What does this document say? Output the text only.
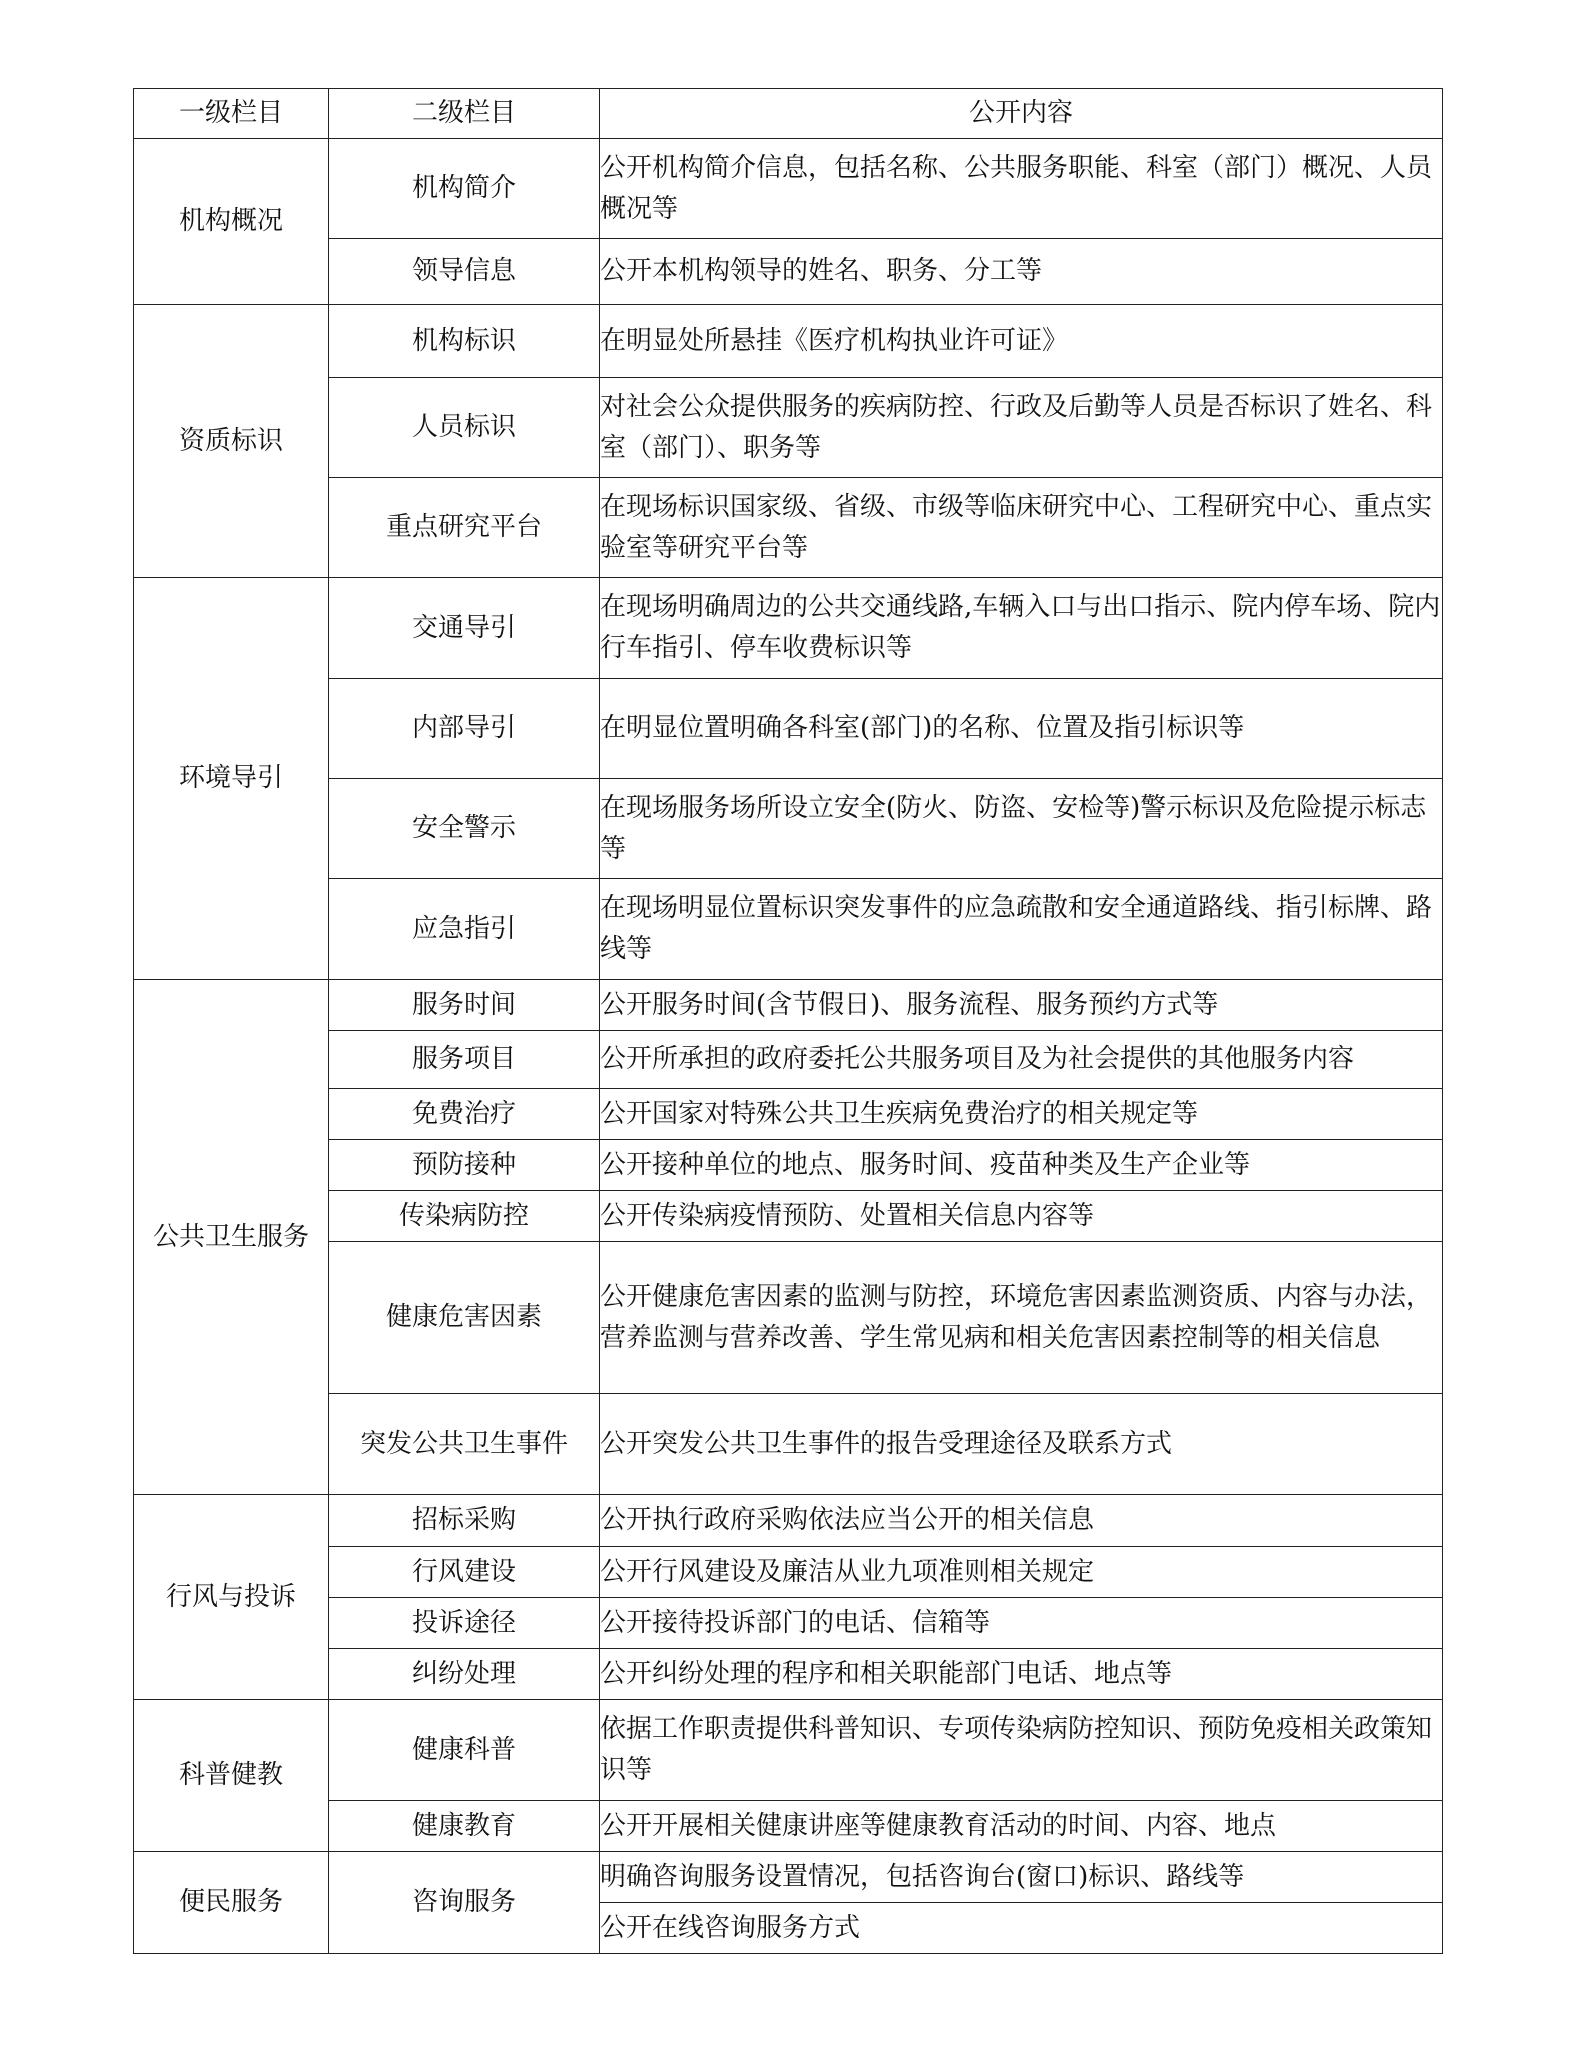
一级栏目	二级栏目	公开内容
机构概况	机构简介	公开机构简介信息，包括名称、公共服务职能、科室（部门）概况、人员概况等
	领导信息	公开本机构领导的姓名、职务、分工等
资质标识	机构标识	在明显处所悬挂《医疗机构执业许可证》
	人员标识	对社会公众提供服务的疾病防控、行政及后勤等人员是否标识了姓名、科室（部门）、职务等
	重点研究平台	在现场标识国家级、省级、市级等临床研究中心、工程研究中心、重点实验室等研究平台等
环境导引	交通导引	在现场明确周边的公共交通线路,车辆入口与出口指示、院内停车场、院内行车指引、停车收费标识等
	内部导引	在明显位置明确各科室(部门)的名称、位置及指引标识等
	安全警示	在现场服务场所设立安全(防火、防盗、安检等)警示标识及危险提示标志等
	应急指引	在现场明显位置标识突发事件的应急疏散和安全通道路线、指引标牌、路线等
公共卫生服务	服务时间	公开服务时间(含节假日)、服务流程、服务预约方式等
	服务项目	公开所承担的政府委托公共服务项目及为社会提供的其他服务内容
	免费治疗	公开国家对特殊公共卫生疾病免费治疗的相关规定等
	预防接种	公开接种单位的地点、服务时间、疫苗种类及生产企业等
	传染病防控	公开传染病疫情预防、处置相关信息内容等
	健康危害因素	公开健康危害因素的监测与防控，环境危害因素监测资质、内容与办法，营养监测与营养改善、学生常见病和相关危害因素控制等的相关信息
	突发公共卫生事件	公开突发公共卫生事件的报告受理途径及联系方式
行风与投诉	招标采购	公开执行政府采购依法应当公开的相关信息
	行风建设	公开行风建设及廉洁从业九项准则相关规定
	投诉途径	公开接待投诉部门的电话、信箱等
	纠纷处理	公开纠纷处理的程序和相关职能部门电话、地点等
科普健教	健康科普	依据工作职责提供科普知识、专项传染病防控知识、预防免疫相关政策知识等
	健康教育	公开开展相关健康讲座等健康教育活动的时间、内容、地点
便民服务	咨询服务	明确咨询服务设置情况，包括咨询台(窗口)标识、路线等
		公开在线咨询服务方式
